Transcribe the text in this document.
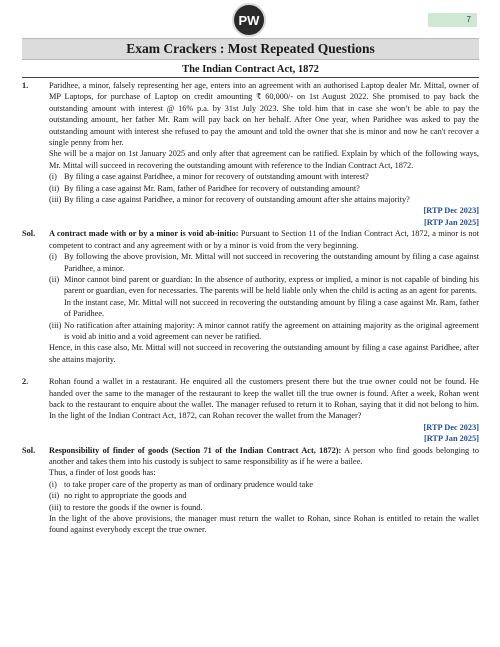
PW	7
Exam Crackers : Most Repeated Questions
The Indian Contract Act, 1872
1.	Paridhee, a minor, falsely representing her age, enters into an agreement with an authorised Laptop dealer Mr. Mittal, owner of MP Laptops, for purchase of Laptop on credit amounting ₹ 60,000/- on 1st August 2022. She promised to pay back the outstanding amount with interest @ 16% p.a. by 31st July 2023. She told him that in case she won’t be able to pay the outstanding amount, her father Mr. Ram will pay back on her behalf. After One year, when Paridhee was asked to pay the outstanding amount with interest she refused to pay the amount and told the owner that she is minor and now he can't recover a single penny from her.

She will be a major on 1st January 2025 and only after that agreement can be ratified. Explain by which of the following ways, Mr. Mittal will succeed in recovering the outstanding amount with reference to the Indian Contract Act, 1872.

(i) By filing a case against Paridhee, a minor for recovery of outstanding amount with interest?
(ii) By filing a case against Mr. Ram, father of Paridhee for recovery of outstanding amount?
(iii) By filing a case against Paridhee, a minor for recovery of outstanding amount after she attains majority?
[RTP Dec 2023]
[RTP Jan 2025]
Sol.	A contract made with or by a minor is void ab-initio: Pursuant to Section 11 of the Indian Contract Act, 1872, a minor is not competent to contract and any agreement with or by a minor is void from the very beginning.

(i) By following the above provision, Mr. Mittal will not succeed in recovering the outstanding amount by filing a case against Paridhee, a minor.
(ii) Minor cannot bind parent or guardian: In the absence of authority, express or implied, a minor is not capable of binding his parent or guardian, even for necessaries. The parents will be held liable only when the child is acting as an agent for parents.

In the instant case, Mr. Mittal will not succeed in recovering the outstanding amount by filing a case against Mr. Ram, father of Paridhee.

(iii) No ratification after attaining majority: A minor cannot ratify the agreement on attaining majority as the original agreement is void ab initio and a void agreement can never be ratified.

Hence, in this case also, Mr. Mittal will not succeed in recovering the outstanding amount by filing a case against Paridhee, after she attains majority.

2.	Rohan found a wallet in a restaurant. He enquired all the customers present there but the true owner could not be found. He handed over the same to the manager of the restaurant to keep the wallet till the true owner is found. After a week, Rohan went back to the restaurant to enquire about the wallet. The manager refused to return it to Rohan, saying that it did not belong to him. In the light of the Indian Contract Act, 1872, can Rohan recover the wallet from the Manager?

[RTP Dec 2023]
[RTP Jan 2025]
Sol.	Responsibility of finder of goods (Section 71 of the Indian Contract Act, 1872): A person who find goods belonging to another and takes them into his custody is subject to same responsibility as if he were a bailee.

Thus, a finder of lost goods has:

(i) to take proper care of the property as man of ordinary prudence would take
(ii) no right to appropriate the goods and
(iii) to restore the goods if the owner is found.

In the light of the above provisions, the manager must return the wallet to Rohan, since Rohan is entitled to retain the wallet found against everybody except the true owner.
